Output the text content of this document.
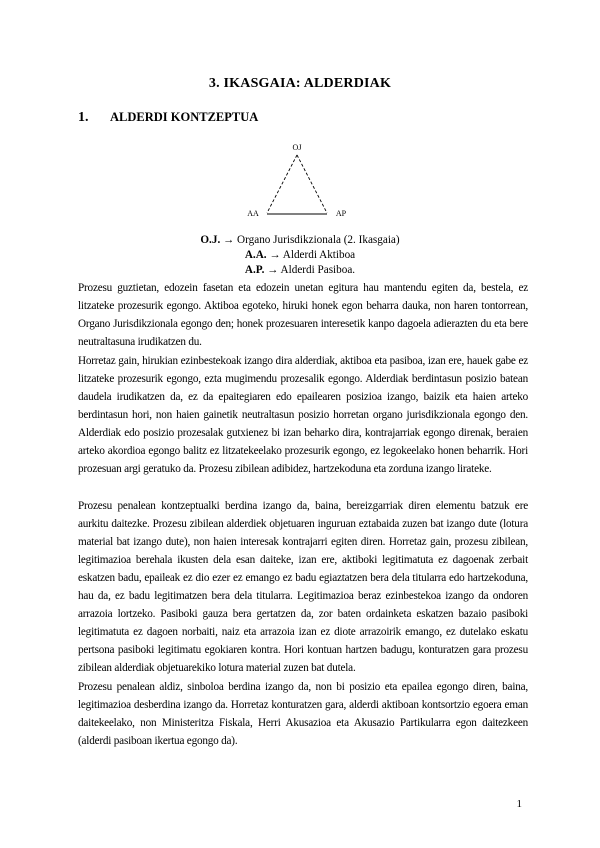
3. IKASGAIA: ALDERDIAK
1. ALDERDI KONTZEPTUA
OJ
AA	AP
O.J. → Organo Jurisdikzionala (2. Ikasgaia)
A.A. → Alderdi Aktiboa
A.P. → Alderdi Pasiboa.

Prozesu guztietan, edozein fasetan eta edozein unetan egitura hau mantendu egiten da, bestela, ez litzateke prozesurik egongo. Aktiboa egoteko, hiruki honek egon beharra dauka, non haren tontorrean, Organo Jurisdikzionala egongo den; honek prozesuaren interesetik kanpo dagoela adierazten du eta bere neutraltasuna irudikatzen du.

Horretaz gain, hirukian ezinbestekoak izango dira alderdiak, aktiboa eta pasiboa, izan ere, hauek gabe ez litzateke prozesurik egongo, ezta mugimendu prozesalik egongo. Alderdiak berdintasun posizio batean daudela irudikatzen da, ez da epaitegiaren edo epailearen posizioa izango, baizik eta haien arteko berdintasun hori, non haien gainetik neutraltasun posizio horretan organo jurisdikzionala egongo den. Alderdiak edo posizio prozesalak gutxienez bi izan beharko dira, kontrajarriak egongo direnak, beraien arteko akordioa egongo balitz ez litzatekeelako prozesurik egongo, ez legokeelako honen beharrik. Hori prozesuan argi geratuko da. Prozesu zibilean adibidez, hartzekoduna eta zorduna izango lirateke.

Prozesu penalean kontzeptualki berdina izango da, baina, bereizgarriak diren elementu batzuk ere aurkitu daitezke. Prozesu zibilean alderdiek objetuaren inguruan eztabaida zuzen bat izango dute (lotura material bat izango dute), non haien interesak kontrajarri egiten diren. Horretaz gain, prozesu zibilean, legitimazioa berehala ikusten dela esan daiteke, izan ere, aktiboki legitimatuta ez dagoenak zerbait eskatzen badu, epaileak ez dio ezer ez emango ez badu egiaztatzen bera dela titularra edo hartzekoduna, hau da, ez badu legitimatzen bera dela titularra. Legitimazioa beraz ezinbestekoa izango da ondoren arrazoia lortzeko. Pasiboki gauza bera gertatzen da, zor baten ordainketa eskatzen bazaio pasiboki legitimatuta ez dagoen norbaiti, naiz eta arrazoia izan ez diote arrazoirik emango, ez dutelako eskatu pertsona pasiboki legitimatu egokiaren kontra. Hori kontuan hartzen badugu, konturatzen gara prozesu zibilean alderdiak objetuarekiko lotura material zuzen bat dutela.

Prozesu penalean aldiz, sinboloa berdina izango da, non bi posizio eta epailea egongo diren, baina, legitimazioa desberdina izango da. Horretaz konturatzen gara, alderdi aktiboan kontsortzio egoera eman daitekeelako, non Ministeritza Fiskala, Herri Akusazioa eta Akusazio Partikularra egon daitezkeen (alderdi pasiboan ikertua egongo da).

1
